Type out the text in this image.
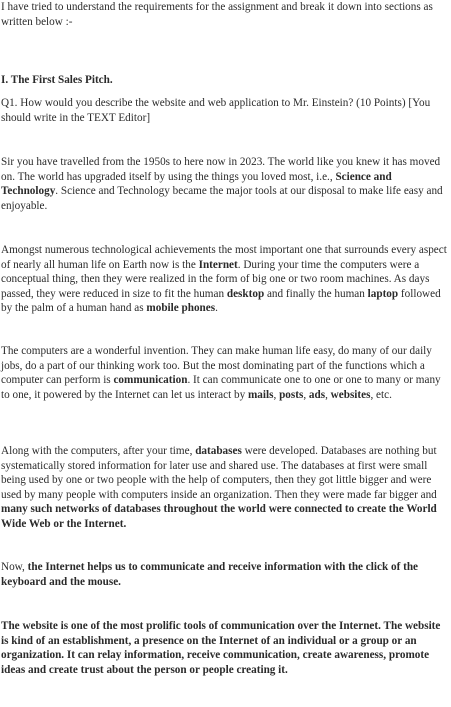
I have tried to understand the requirements for the assignment and break it down into sections as written below :-

I. The First Sales Pitch.

Q1. How would you describe the website and web application to Mr. Einstein? (10 Points) [You should write in the TEXT Editor]

Sir you have travelled from the 1950s to here now in 2023. The world like you knew it has moved on. The world has upgraded itself by using the things you loved most, i.e., Science and Technology. Science and Technology became the major tools at our disposal to make life easy and enjoyable.

Amongst numerous technological achievements the most important one that surrounds every aspect of nearly all human life on Earth now is the Internet. During your time the computers were a conceptual thing, then they were realized in the form of big one or two room machines. As days passed, they were reduced in size to fit the human desktop and finally the human laptop followed by the palm of a human hand as mobile phones.

The computers are a wonderful invention. They can make human life easy, do many of our daily jobs, do a part of our thinking work too. But the most dominating part of the functions which a computer can perform is communication. It can communicate one to one or one to many or many to one, it powered by the Internet can let us interact by mails, posts, ads, websites, etc.

Along with the computers, after your time, databases were developed. Databases are nothing but systematically stored information for later use and shared use. The databases at first were small being used by one or two people with the help of computers, then they got little bigger and were used by many people with computers inside an organization. Then they were made far bigger and many such networks of databases throughout the world were connected to create the World Wide Web or the Internet.

Now, the Internet helps us to communicate and receive information with the click of the keyboard and the mouse.

The website is one of the most prolific tools of communication over the Internet. The website is kind of an establishment, a presence on the Internet of an individual or a group or an organization. It can relay information, receive communication, create awareness, promote ideas and create trust about the person or people creating it.
